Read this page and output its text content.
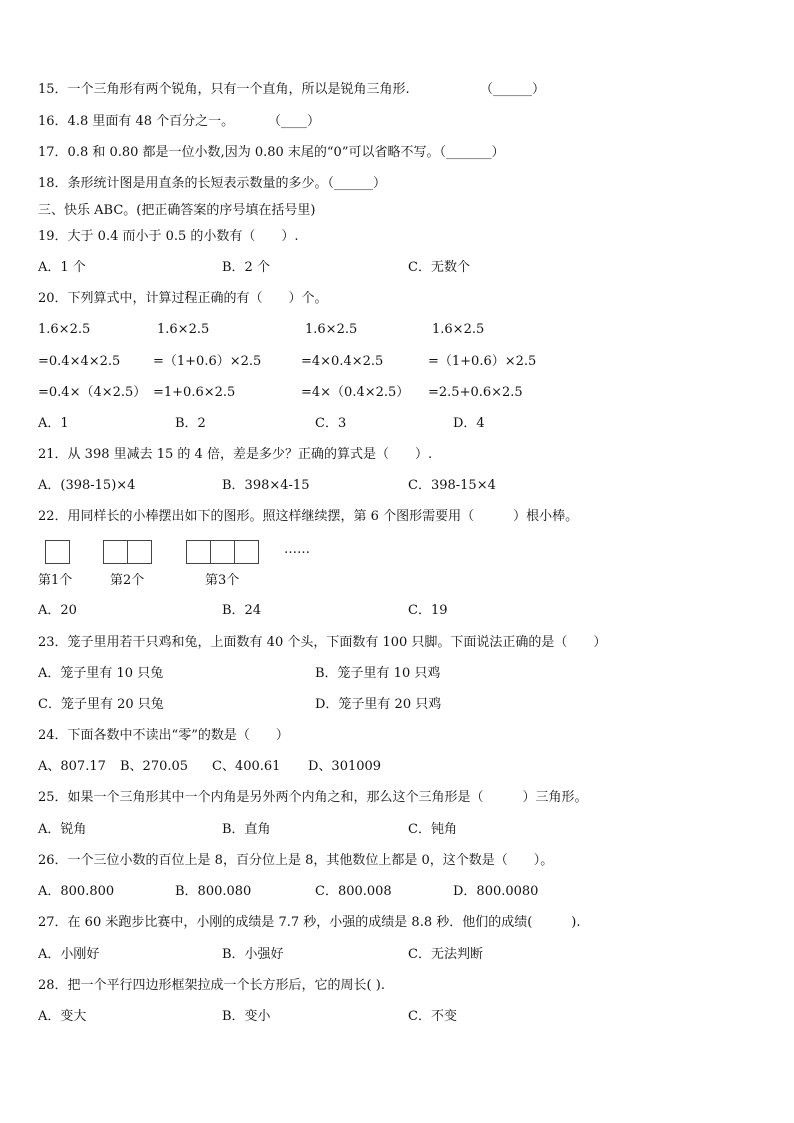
15．一个三角形有两个锐角，只有一个直角，所以是锐角三角形.	（______）
16．4.8 里面有 48 个百分之一。	（____）
17．0.8 和 0.80 都是一位小数,因为 0.80 末尾的“0”可以省略不写。（_______）
18．条形统计图是用直条的长短表示数量的多少。（______）
三、快乐 ABC。(把正确答案的序号填在括号里)
19．大于 0.4 而小于 0.5 的小数有（　　）.
A．1 个	B．2 个	C．无数个
20．下列算式中，计算过程正确的有（　　）个。
1.6×2.5	1.6×2.5	1.6×2.5	1.6×2.5
=0.4×4×2.5	=（1+0.6）×2.5	=4×0.4×2.5	=（1+0.6）×2.5
=0.4×（4×2.5） =1+0.6×2.5	=4×（0.4×2.5） =2.5+0.6×2.5
A．1	B．2	C．3	D．4
21．从 398 里减去 15 的 4 倍，差是多少？正确的算式是（　　）.
A．(398-15)×4	B．398×4-15	C．398-15×4
22．用同样长的小棒摆出如下的图形。照这样继续摆，第 6 个图形需要用（　　　）根小棒。
……
第1个	第2个	第3个
A．20	B．24	C．19
23．笼子里用若干只鸡和兔，上面数有 40 个头，下面数有 100 只脚。下面说法正确的是（　　）
A．笼子里有 10 只兔	B．笼子里有 10 只鸡
C．笼子里有 20 只兔	D．笼子里有 20 只鸡
24．下面各数中不读出“零”的数是（　　）
A、807.17 B、270.05 C、400.61 D、301009
25．如果一个三角形其中一个内角是另外两个内角之和，那么这个三角形是（　　　）三角形。
A．锐角	B．直角	C．钝角
26．一个三位小数的百位上是 8，百分位上是 8，其他数位上都是 0，这个数是（　　）。
A．800.800	B．800.080	C．800.008	D．800.0080
27．在 60 米跑步比赛中，小刚的成绩是 7.7 秒，小强的成绩是 8.8 秒．他们的成绩(　　　).
A．小刚好	B．小强好	C．无法判断
28．把一个平行四边形框架拉成一个长方形后，它的周长( ).
A．变大	B．变小	C．不变
